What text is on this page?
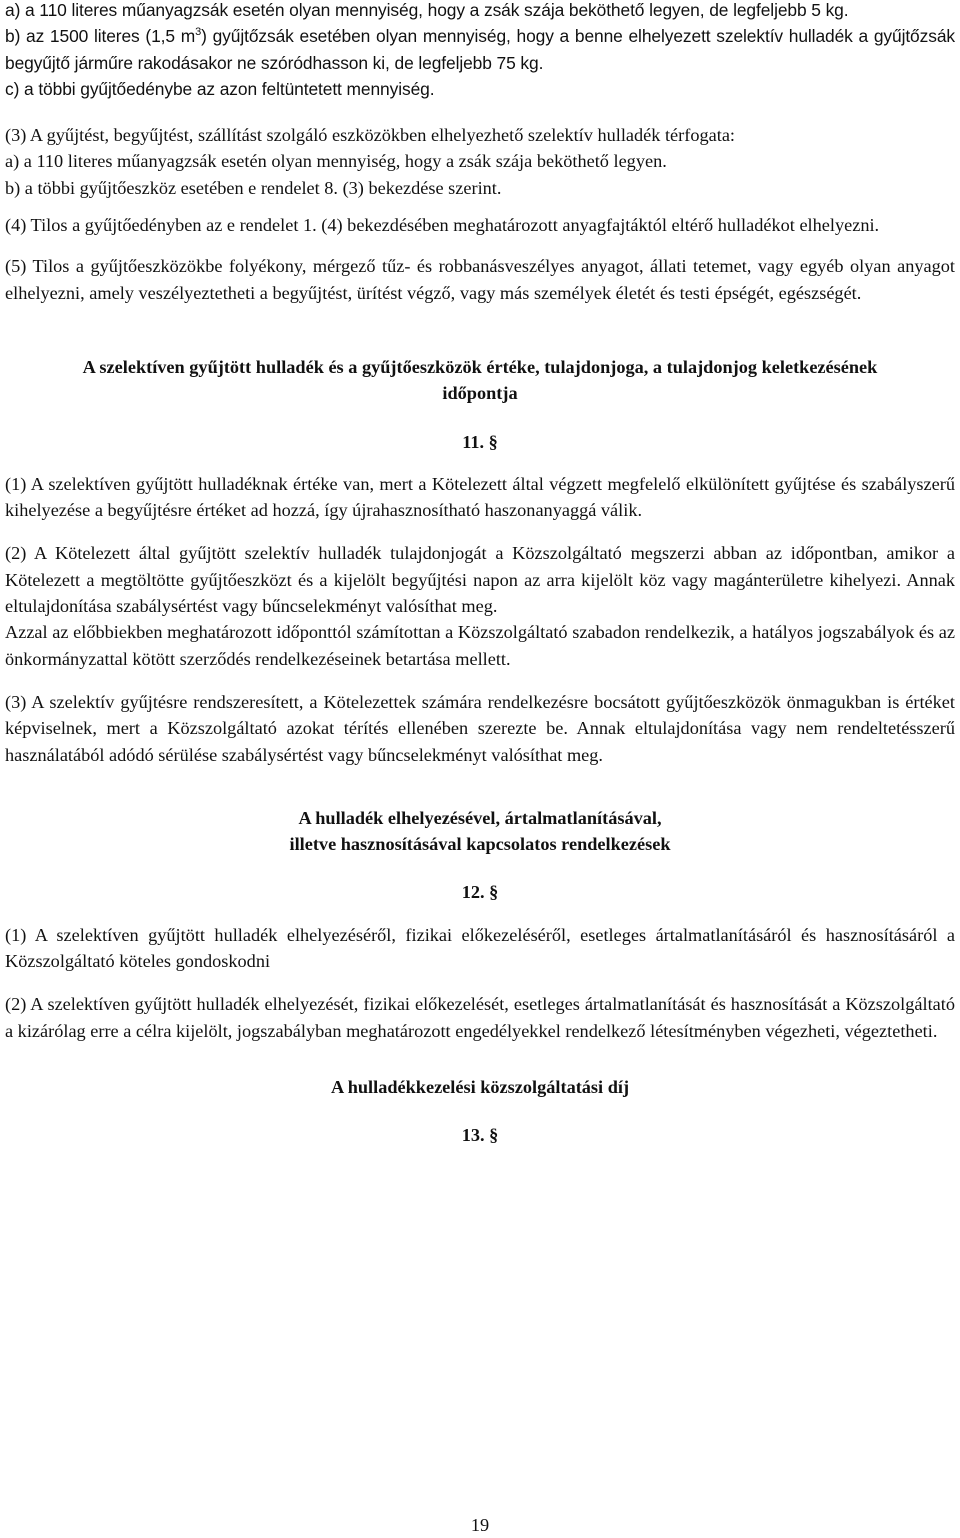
a) a 110 literes műanyagzsák esetén olyan mennyiség, hogy a zsák szája beköthető legyen, de legfeljebb 5 kg.

b) az 1500 literes (1,5 $m^3$) gyűjtőzsák esetében olyan mennyiség, hogy a benne elhelyezett szelektív hulladék a gyűjtőzsák begyűjtő járműre rakodásakor ne szóródhasson ki, de legfeljebb 75 kg.

c) a többi gyűjtőedénybe az azon feltüntetett mennyiség.

(3) A gyűjtést, begyűjtést, szállítást szolgáló eszközökben elhelyezhető szelektív hulladék térfogata:

a) a 110 literes műanyagzsák esetén olyan mennyiség, hogy a zsák szája beköthető legyen.

b) a többi gyűjtőeszköz esetében e rendelet 8. (3) bekezdése szerint.

(4) Tilos a gyűjtőedényben az e rendelet 1. (4) bekezdésében meghatározott anyagfajtáktól eltérő hulladékot elhelyezni.

(5) Tilos a gyűjtőeszközökbe folyékony, mérgező tűz- és robbanásveszélyes anyagot, állati tetemet, vagy egyéb olyan anyagot elhelyezni, amely veszélyeztetheti a begyűjtést, ürítést végző, vagy más személyek életét és testi épségét, egészségét.

A szelektíven gyűjtött hulladék és a gyűjtőeszközök értéke, tulajdonjoga, a tulajdonjog keletkezésének időpontja

11. §

(1) A szelektíven gyűjtött hulladéknak értéke van, mert a Kötelezett által végzett megfelelő elkülönített gyűjtése és szabályszerű kihelyezése a begyűjtésre értéket ad hozzá, így újrahasznosítható haszonanyaggá válik.

(2) A Kötelezett által gyűjtött szelektív hulladék tulajdonjogát a Közszolgáltató megszerzi abban az időpontban, amikor a Kötelezett a megtöltötte gyűjtőeszközt és a kijelölt begyűjtési napon az arra kijelölt köz vagy magánterületre kihelyezi. Annak eltulajdonítása szabálysértést vagy bűncselekményt valósíthat meg.

Azzal az előbbiekben meghatározott időponttól számítottan a Közszolgáltató szabadon rendelkezik, a hatályos jogszabályok és az önkormányzattal kötött szerződés rendelkezéseinek betartása mellett.

(3) A szelektív gyűjtésre rendszeresített, a Kötelezettek számára rendelkezésre bocsátott gyűjtőeszközök önmagukban is értéket képviselnek, mert a Közszolgáltató azokat térítés ellenében szerezte be. Annak eltulajdonítása vagy nem rendeltetésszerű használatából adódó sérülése szabálysértést vagy bűncselekményt valósíthat meg.

A hulladék elhelyezésével, ártalmatlanításával,

illetve hasznosításával kapcsolatos rendelkezések

12. §

(1) A szelektíven gyűjtött hulladék elhelyezéséről, fizikai előkezeléséről, esetleges ártalmatlanításáról és hasznosításáról a Közszolgáltató köteles gondoskodni

(2) A szelektíven gyűjtött hulladék elhelyezését, fizikai előkezelését, esetleges ártalmatlanítását és hasznosítását a Közszolgáltató a kizárólag erre a célra kijelölt, jogszabályban meghatározott engedélyekkel rendelkező létesítményben végezheti, végeztetheti.

A hulladékkezelési közszolgáltatási díj

13. §

19
